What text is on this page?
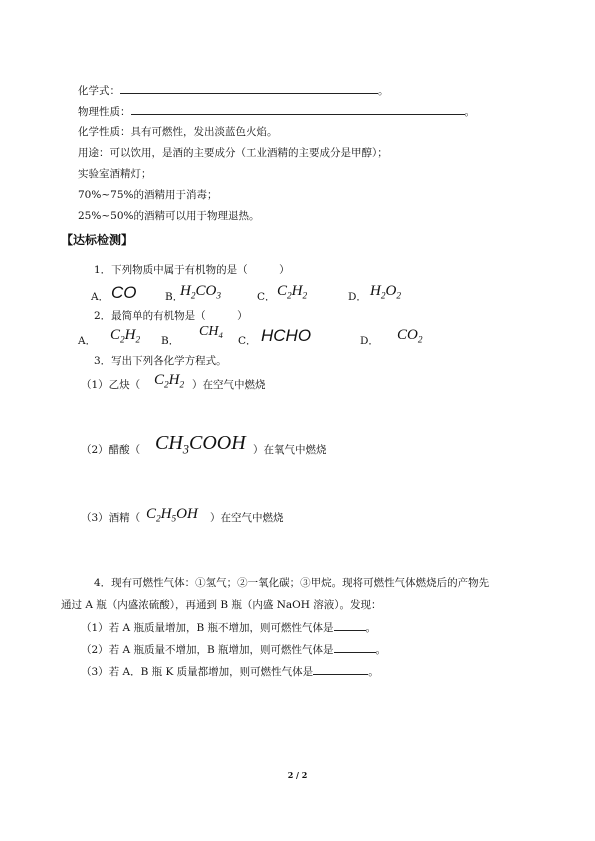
化学式：	。
物理性质：	。
化学性质：具有可燃性，发出淡蓝色火焰。
用途：可以饮用，是酒的主要成分（工业酒精的主要成分是甲醇）；
实验室酒精灯；
70%~75%的酒精用于消毒；
25%~50%的酒精可以用于物理退热。
【达标检测】
1．下列物质中属于有机物的是（　　　）
A． CO	B．
$H_2CO_3$	C． $C_2H_2$	D． $H_2O_2$
2．最简单的有机物是（　　　）
A． $C_2H_2$ B．
$CH_4$ C． HCHO	D． $CO_2$
3．写出下列各化学方程式。
（1）乙炔（ $C_2H_2$ ）在空气中燃烧
（2）醋酸（ $CH_3COOH$ ）在氧气中燃烧
（3）酒精（ $C_2H_5OH$ ）在空气中燃烧
4．现有可燃性气体：①氢气；②一氧化碳；③甲烷。现将可燃性气体燃烧后的产物先
通过 A 瓶（内盛浓硫酸），再通到 B 瓶（内盛 NaOH 溶液）。发现：
（1）若 A 瓶质量增加，B 瓶不增加，则可燃性气体是	。
（2）若 A 瓶质量不增加，B 瓶增加，则可燃性气体是	。
（3）若 A．B 瓶 K 质量都增加，则可燃性气体是	。
2 / 2
